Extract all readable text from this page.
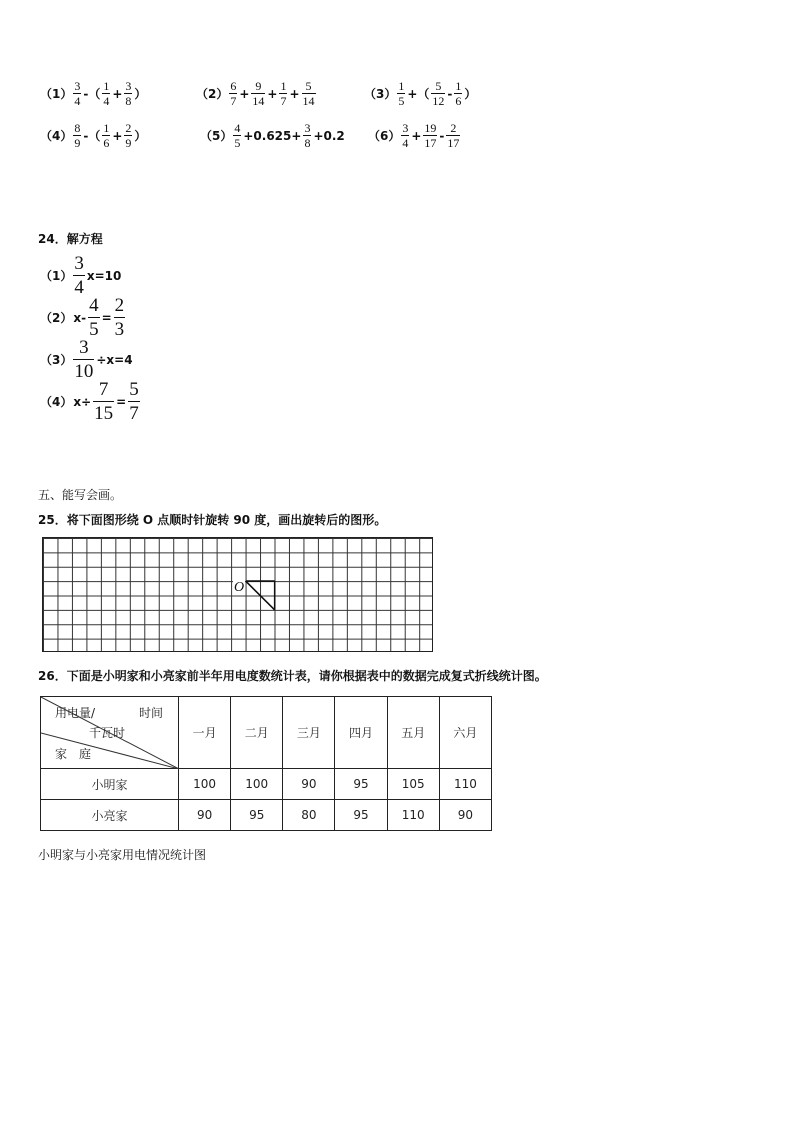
$(1) \frac{3}{4}$ -（ $\frac{1}{4} + \frac{3}{8}$ ）	$(2) \frac{6}{7} + \frac{9}{14} + \frac{1}{7} + \frac{5}{14}$	$(3) \frac{1}{5}$ +（ $\frac{5}{12} - \frac{1}{6}$ ）
$(4) \frac{8}{9}$ -（ $\frac{1}{6} + \frac{2}{9}$ ）	$(5) \frac{4}{5} +0.625+ \frac{3}{8} +0.2$ $(6) \frac{3}{4} + \frac{19}{17} - \frac{2}{17}$
24．解方程
$(1) \frac{3}{4} x=10$
（2） $x- \frac{4}{5} = \frac{2}{3}$
$(3) \frac{3}{10} \div x=4$
（4） $x\div \frac{7}{15} = \frac{5}{7}$
五、能写会画。
25．将下面图形绕 O 点顺时针旋转 90 度，画出旋转后的图形。
O
26．下面是小明家和小亮家前半年用电度数统计表，请你根据表中的数据完成复式折线统计图。
用电量/ 时间
千瓦时
家　庭	一月	二月	三月	四月	五月	六月
小明家	100	100	90	95	105	110
小亮家	90	95	80	95	110	90
小明家与小亮家用电情况统计图
